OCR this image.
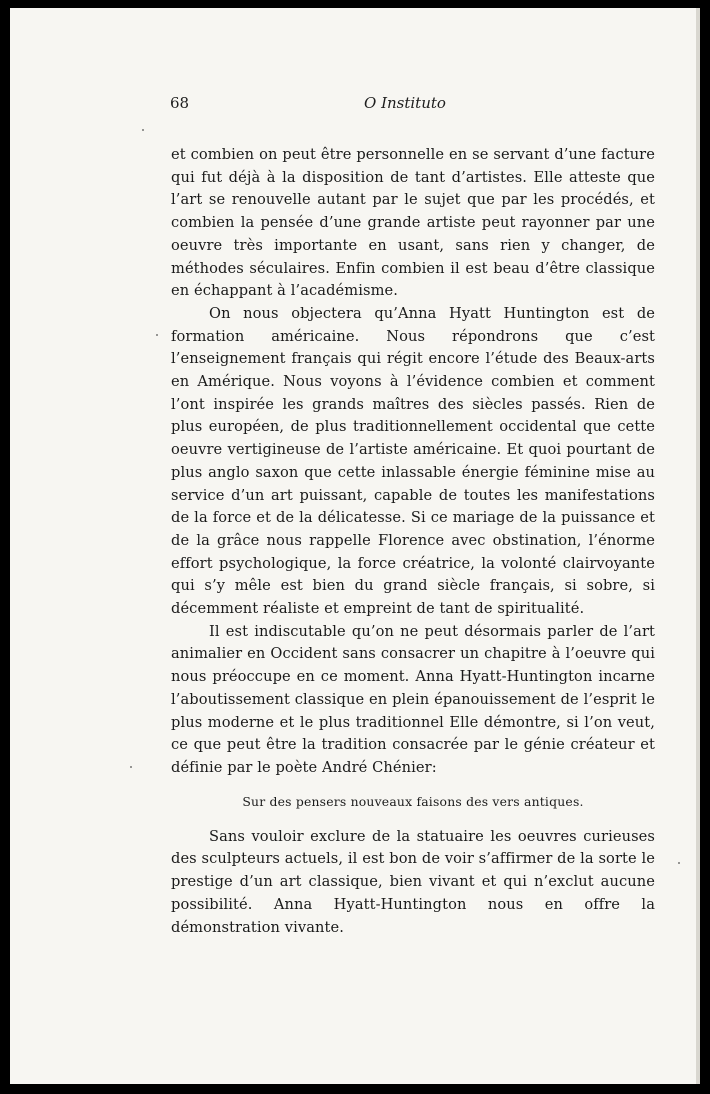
68	O Instituto

et combien on peut être personnelle en se servant d’une facture qui fut déjà à la disposition de tant d’artistes. Elle atteste que l’art se renouvelle autant par le sujet que par les procédés, et combien la pensée d’une grande artiste peut rayonner par une oeuvre très importante en usant, sans rien y changer, de méthodes séculaires. Enfin combien il est beau d’être classique en échappant à l’académisme.

On nous objectera qu’Anna Hyatt Huntington est de formation américaine. Nous répondrons que c’est l’enseignement français qui régit encore l’étude des Beaux-arts en Amérique. Nous voyons à l’évidence combien et comment l’ont inspirée les grands maîtres des siècles passés. Rien de plus européen, de plus traditionnellement occidental que cette oeuvre vertigineuse de l’artiste américaine. Et quoi pourtant de plus anglo saxon que cette inlassable énergie féminine mise au service d’un art puissant, capable de toutes les manifestations de la force et de la délicatesse. Si ce mariage de la puissance et de la grâce nous rappelle Florence avec obstination, l’énorme effort psychologique, la force créatrice, la volonté clairvoyante qui s’y mêle est bien du grand siècle français, si sobre, si décemment réaliste et empreint de tant de spiritualité.

Il est indiscutable qu’on ne peut désormais parler de l’art animalier en Occident sans consacrer un chapitre à l’oeuvre qui nous préoccupe en ce moment. Anna Hyatt-Huntington incarne l’aboutissement classique en plein épanouissement de l’esprit le plus moderne et le plus traditionnel Elle démontre, si l’on veut, ce que peut être la tradition consacrée par le génie créateur et définie par le poète André Chénier:

Sur des pensers nouveaux faisons des vers antiques.

Sans vouloir exclure de la statuaire les oeuvres curieuses des sculpteurs actuels, il est bon de voir s’affirmer de la sorte le prestige d’un art classique, bien vivant et qui n’exclut aucune possibilité. Anna Hyatt-Huntington nous en offre la démonstration vivante.
